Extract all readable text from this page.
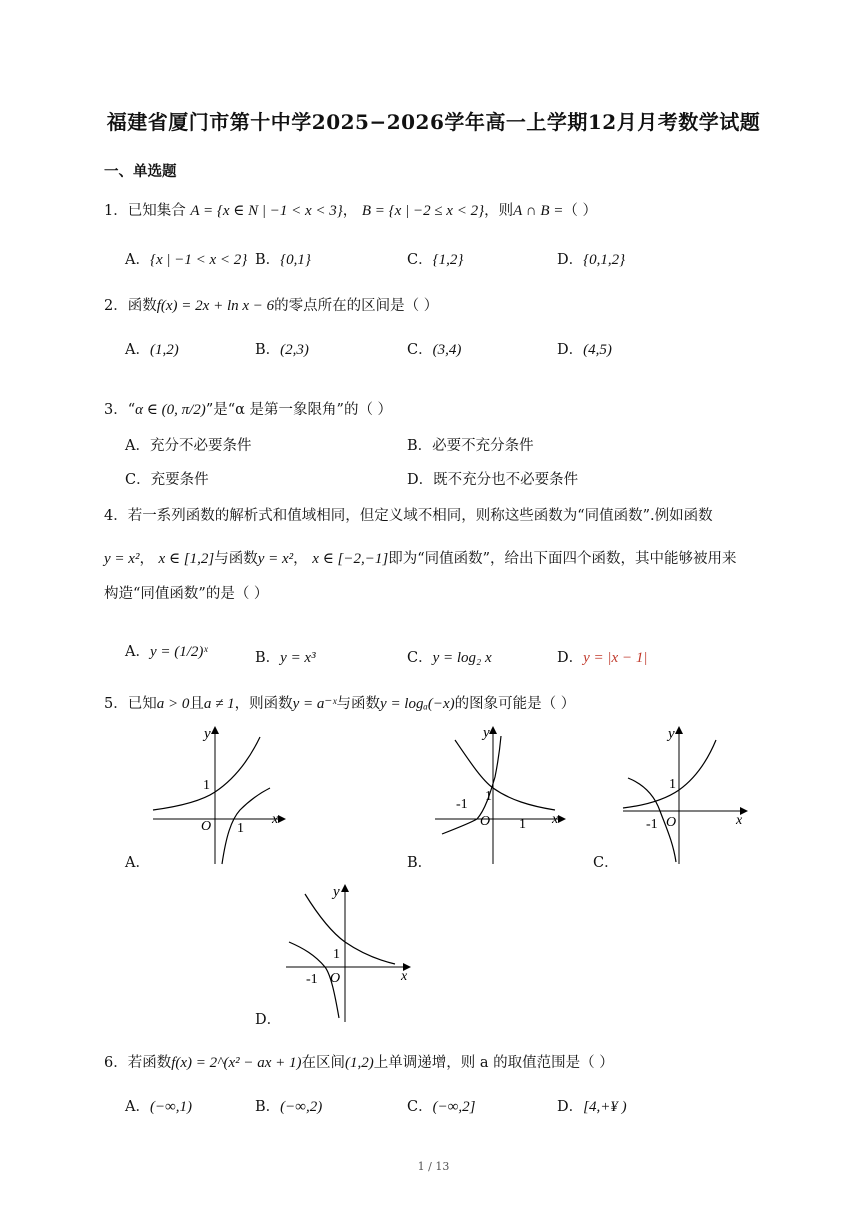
福建省厦门市第十中学2025−2026学年高一上学期12月月考数学试题
一、单选题
1．已知集合 A = {x ∈ N | −1 < x < 3}， B = {x | −2 ≤ x < 2}，则A ∩ B =（ ）
A．{x | −1 < x < 2} B．{0,1}	C．{1,2}	D．{0,1,2}
2．函数f(x) = 2x + ln x − 6的零点所在的区间是（ ）
A．(1,2)	B．(2,3)	C．(3,4)	D．(4,5)
3．“α ∈ (0, π/2)”是“α 是第一象限角”的（ ）
A．充分不必要条件	B．必要不充分条件
C．充要条件	D．既不充分也不必要条件
4．若一系列函数的解析式和值域相同，但定义域不相同，则称这些函数为“同值函数”.例如函数
y = x²， x ∈ [1,2]与函数y = x²， x ∈ [−2,−1]即为“同值函数”，给出下面四个函数，其中能够被用来
构造“同值函数”的是（ ）
A．y = (1/2)ˣ	B．y = x³	C．y = log₂ x	D．y = |x − 1|
5．已知a > 0且a ≠ 1，则函数y = a⁻ˣ与函数y = logₐ(−x)的图象可能是（ ）
y
x
O
1
1
A．
y
x
O
-1
1
1
B．
y
x
O
-1
1
C．
y
x
O
-1
1
D．
6．若函数f(x) = 2^(x² − ax + 1)在区间(1,2)上单调递增，则 a 的取值范围是（ ）
A．(−∞,1)	B．(−∞,2)	C．(−∞,2]	D．[4,+¥ )
1 / 13
